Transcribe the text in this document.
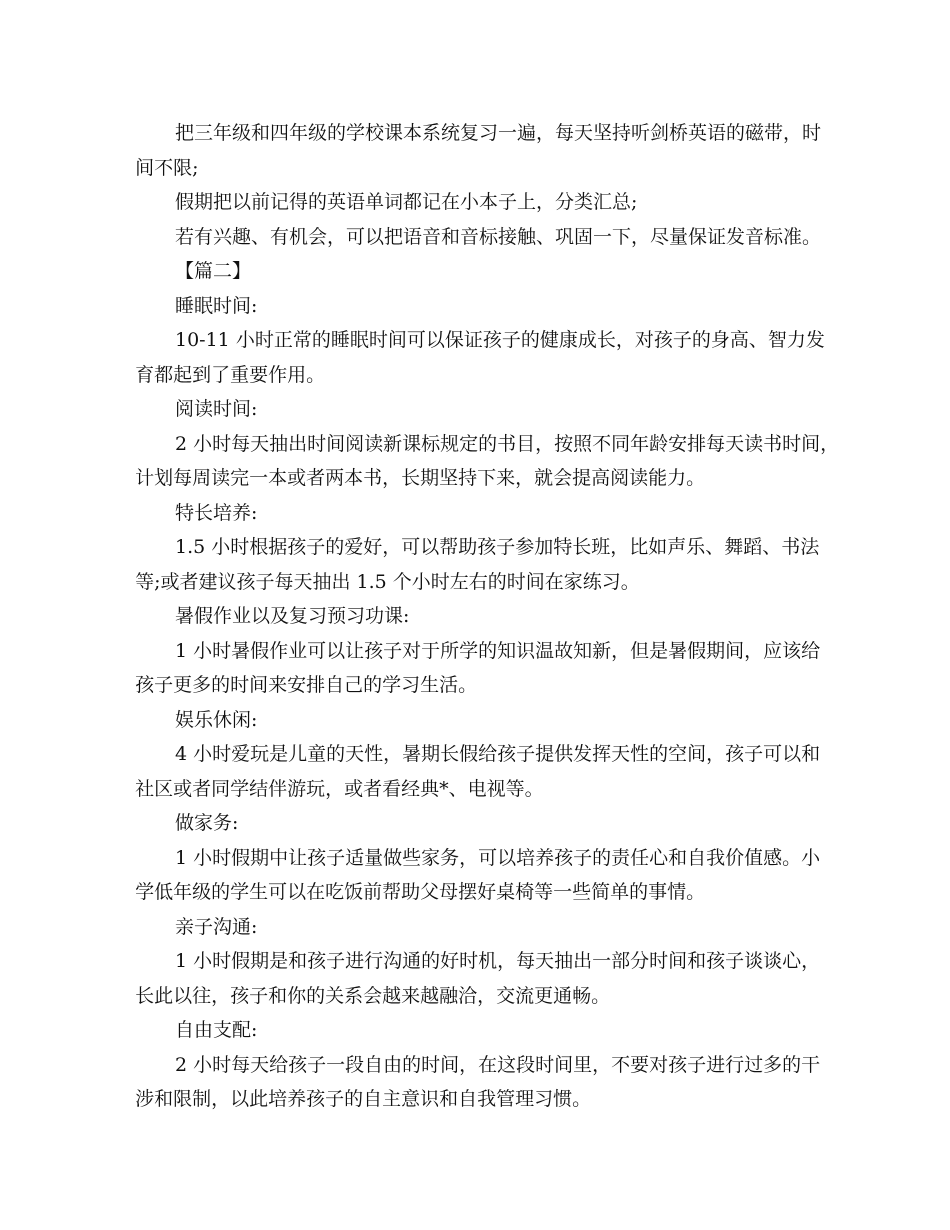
把三年级和四年级的学校课本系统复习一遍，每天坚持听剑桥英语的磁带，时
间不限;
假期把以前记得的英语单词都记在小本子上，分类汇总;
若有兴趣、有机会，可以把语音和音标接触、巩固一下，尽量保证发音标准。
【篇二】
睡眠时间:
10-11 小时正常的睡眠时间可以保证孩子的健康成长，对孩子的身高、智力发
育都起到了重要作用。
阅读时间:
2 小时每天抽出时间阅读新课标规定的书目，按照不同年龄安排每天读书时间，
计划每周读完一本或者两本书，长期坚持下来，就会提高阅读能力。
特长培养:
1.5 小时根据孩子的爱好，可以帮助孩子参加特长班，比如声乐、舞蹈、书法
等;或者建议孩子每天抽出 1.5 个小时左右的时间在家练习。
暑假作业以及复习预习功课:
1 小时暑假作业可以让孩子对于所学的知识温故知新，但是暑假期间，应该给
孩子更多的时间来安排自己的学习生活。
娱乐休闲:
4 小时爱玩是儿童的天性，暑期长假给孩子提供发挥天性的空间，孩子可以和
社区或者同学结伴游玩，或者看经典*、电视等。
做家务:
1 小时假期中让孩子适量做些家务，可以培养孩子的责任心和自我价值感。小
学低年级的学生可以在吃饭前帮助父母摆好桌椅等一些简单的事情。
亲子沟通:
1 小时假期是和孩子进行沟通的好时机，每天抽出一部分时间和孩子谈谈心，
长此以往，孩子和你的关系会越来越融洽，交流更通畅。
自由支配:
2 小时每天给孩子一段自由的时间，在这段时间里，不要对孩子进行过多的干
涉和限制，以此培养孩子的自主意识和自我管理习惯。
